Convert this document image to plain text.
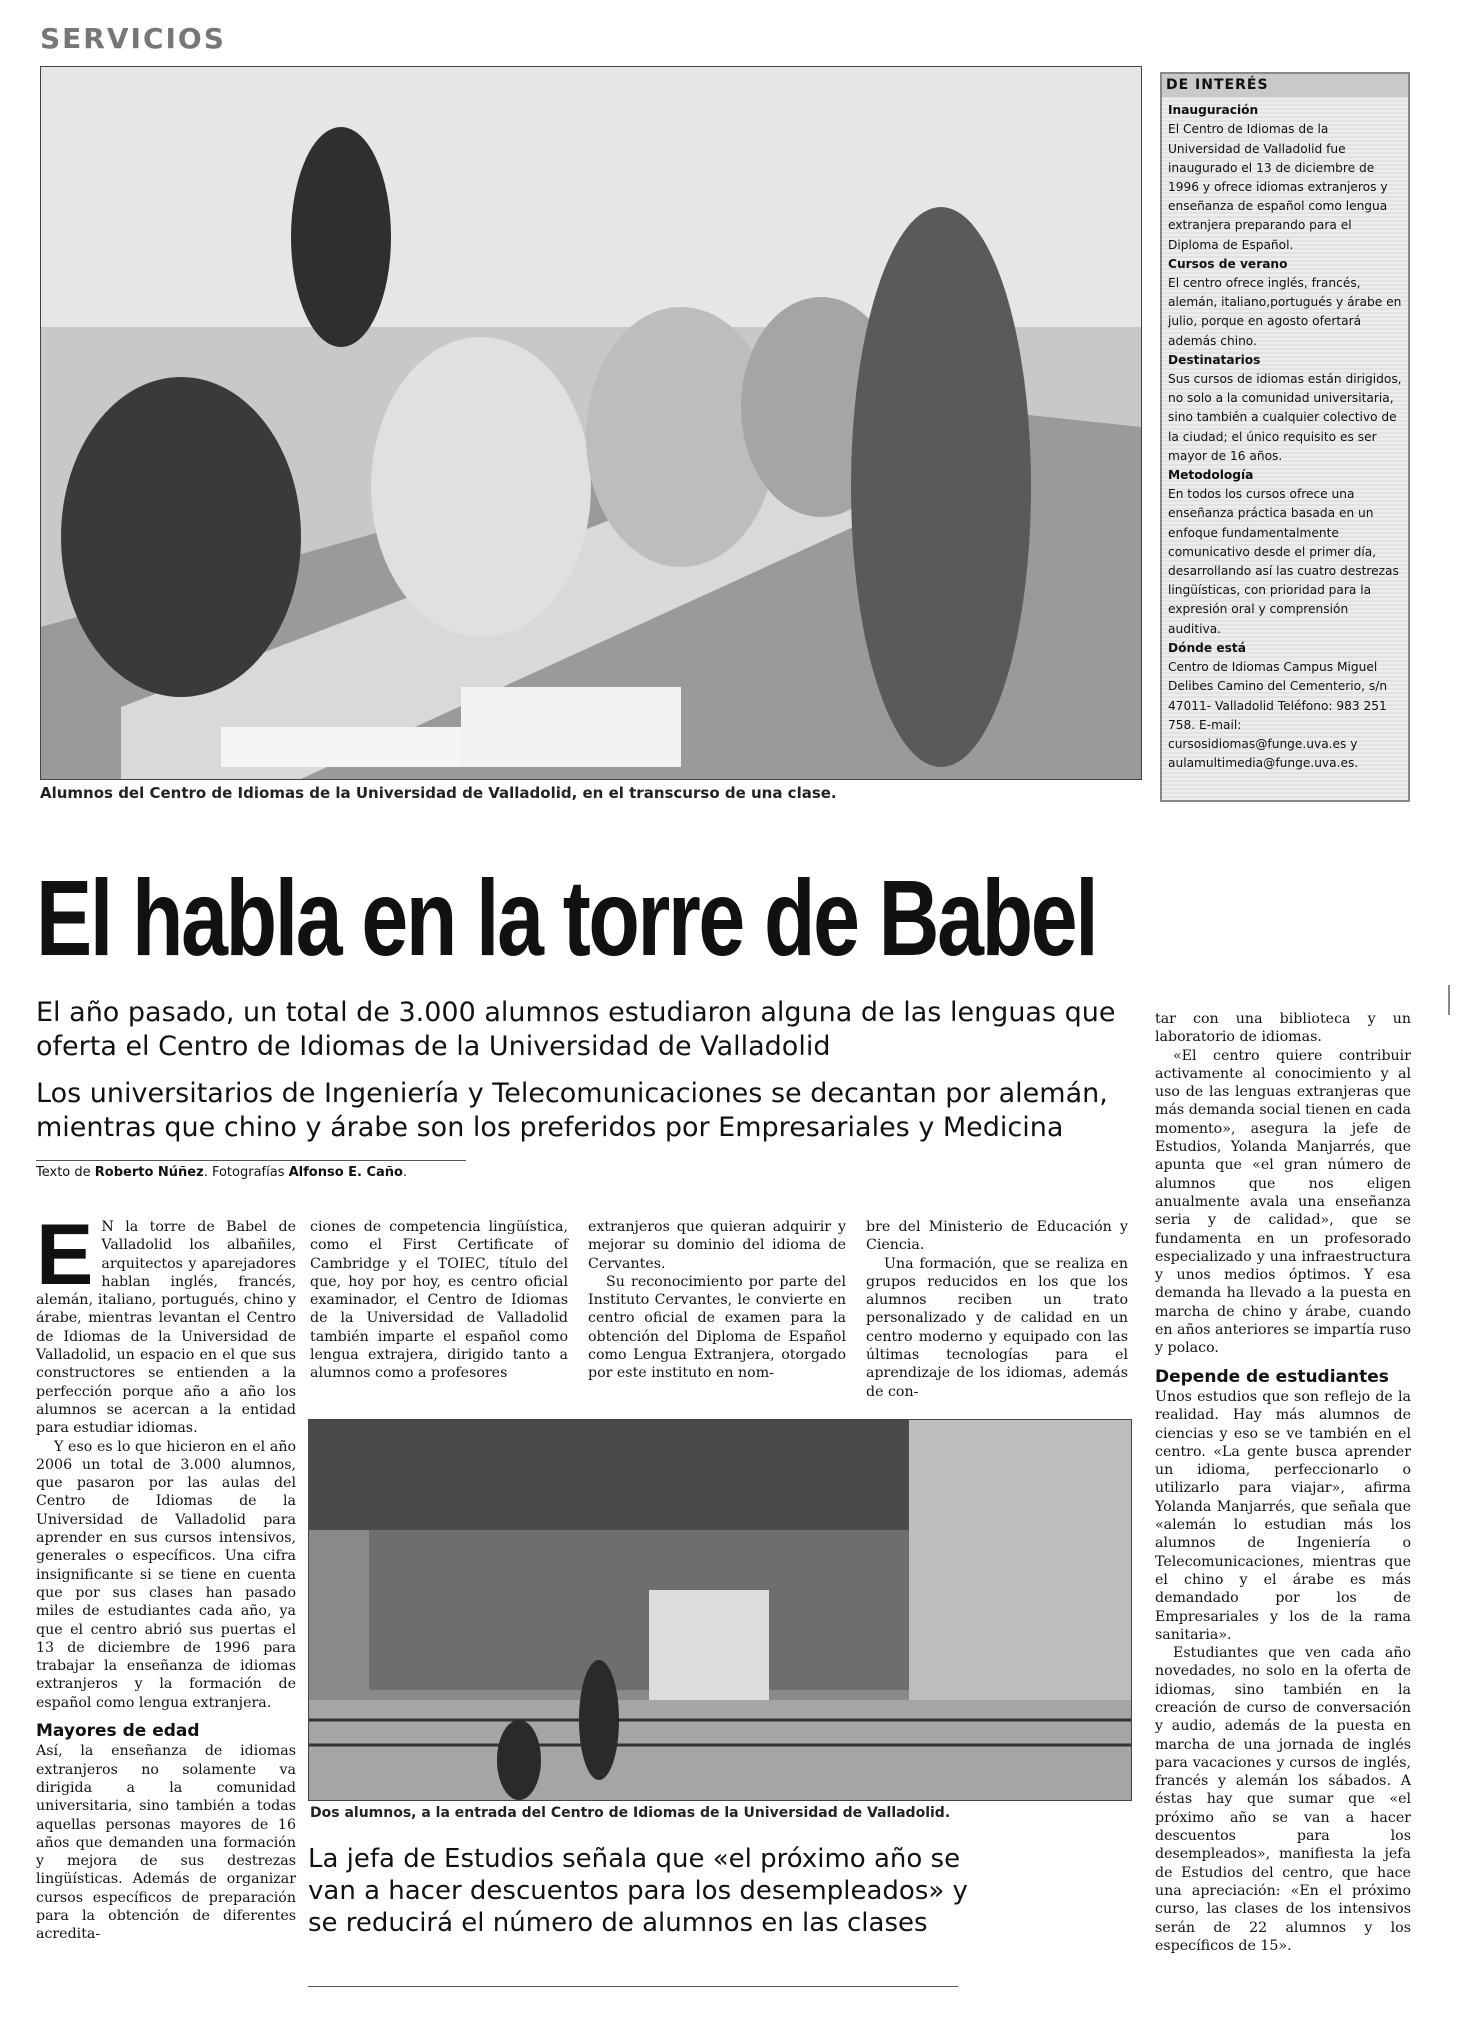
SERVICIOS
Alumnos del Centro de Idiomas de la Universidad de Valladolid, en el transcurso de una clase.
DE INTERÉS
Inauguración
El Centro de Idiomas de la Universidad de Valladolid fue inaugurado el 13 de diciembre de 1996 y ofrece idiomas extranjeros y enseñanza de español como lengua extranjera preparando para el Diploma de Español.
Cursos de verano
El centro ofrece inglés, francés, alemán, italiano,portugués y árabe en julio, porque en agosto ofertará además chino.
Destinatarios
Sus cursos de idiomas están dirigidos, no solo a la comunidad universitaria, sino también a cualquier colectivo de la ciudad; el único requisito es ser mayor de 16 años.
Metodología
En todos los cursos ofrece una enseñanza práctica basada en un enfoque fundamentalmente comunicativo desde el primer día, desarrollando así las cuatro destrezas lingüísticas, con prioridad para la expresión oral y comprensión auditiva.
Dónde está
Centro de Idiomas Campus Miguel Delibes Camino del Cementerio, s/n 47011- Valladolid Teléfono: 983 251 758. E-mail: cursosidiomas@funge.uva.es y aulamultimedia@funge.uva.es.
El habla en la torre de Babel
El año pasado, un total de 3.000 alumnos estudiaron alguna de las lenguas que oferta el Centro de Idiomas de la Universidad de Valladolid
Los universitarios de Ingeniería y Telecomunicaciones se decantan por alemán, mientras que chino y árabe son los preferidos por Empresariales y Medicina
Texto de Roberto Núñez. Fotografías Alfonso E. Caño.

E N la torre de Babel de Valladolid los albañiles, arquitectos y aparejadores hablan inglés, francés, alemán, italiano, portugués, chino y árabe, mientras levantan el Centro de Idiomas de la Universidad de Valladolid, un espacio en el que sus constructores se entienden a la perfección porque año a año los alumnos se acercan a la entidad para estudiar idiomas.

Y eso es lo que hicieron en el año 2006 un total de 3.000 alumnos, que pasaron por las aulas del Centro de Idiomas de la Universidad de Valladolid para aprender en sus cursos intensivos, generales o específicos. Una cifra insignificante si se tiene en cuenta que por sus clases han pasado miles de estudiantes cada año, ya que el centro abrió sus puertas el 13 de diciembre de 1996 para trabajar la enseñanza de idiomas extranjeros y la formación de español como lengua extranjera.

Mayores de edad

Así, la enseñanza de idiomas extranjeros no solamente va dirigida a la comunidad universitaria, sino también a todas aquellas personas mayores de 16 años que demanden una formación y mejora de sus destrezas lingüísticas. Además de organizar cursos específicos de preparación para la obtención de diferentes acredita-

ciones de competencia lingüística, como el First Certificate of Cambridge y el TOIEC, título del que, hoy por hoy, es centro oficial examinador, el Centro de Idiomas de la Universidad de Valladolid también imparte el español como lengua extrajera, dirigido tanto a alumnos como a profesores

extranjeros que quieran adquirir y mejorar su dominio del idioma de Cervantes.

Su reconocimiento por parte del Instituto Cervantes, le convierte en centro oficial de examen para la obtención del Diploma de Español como Lengua Extranjera, otorgado por este instituto en nom-

bre del Ministerio de Educación y Ciencia.

Una formación, que se realiza en grupos reducidos en los que los alumnos reciben un trato personalizado y de calidad en un centro moderno y equipado con las últimas tecnologías para el aprendizaje de los idiomas, además de con-

Dos alumnos, a la entrada del Centro de Idiomas de la Universidad de Valladolid.
La jefa de Estudios señala que «el próximo año se van a hacer descuentos para los desempleados» y se reducirá el número de alumnos en las clases

tar con una biblioteca y un laboratorio de idiomas.

«El centro quiere contribuir activamente al conocimiento y al uso de las lenguas extranjeras que más demanda social tienen en cada momento», asegura la jefe de Estudios, Yolanda Manjarrés, que apunta que «el gran número de alumnos que nos eligen anualmente avala una enseñanza seria y de calidad», que se fundamenta en un profesorado especializado y una infraestructura y unos medios óptimos. Y esa demanda ha llevado a la puesta en marcha de chino y árabe, cuando en años anteriores se impartía ruso y polaco.

Depende de estudiantes

Unos estudios que son reflejo de la realidad. Hay más alumnos de ciencias y eso se ve también en el centro. «La gente busca aprender un idioma, perfeccionarlo o utilizarlo para viajar», afirma Yolanda Manjarrés, que señala que «alemán lo estudian más los alumnos de Ingeniería o Telecomunicaciones, mientras que el chino y el árabe es más demandado por los de Empresariales y los de la rama sanitaria».

Estudiantes que ven cada año novedades, no solo en la oferta de idiomas, sino también en la creación de curso de conversación y audio, además de la puesta en marcha de una jornada de inglés para vacaciones y cursos de inglés, francés y alemán los sábados. A éstas hay que sumar que «el próximo año se van a hacer descuentos para los desempleados», manifiesta la jefa de Estudios del centro, que hace una apreciación: «En el próximo curso, las clases de los intensivos serán de 22 alumnos y los específicos de 15».
